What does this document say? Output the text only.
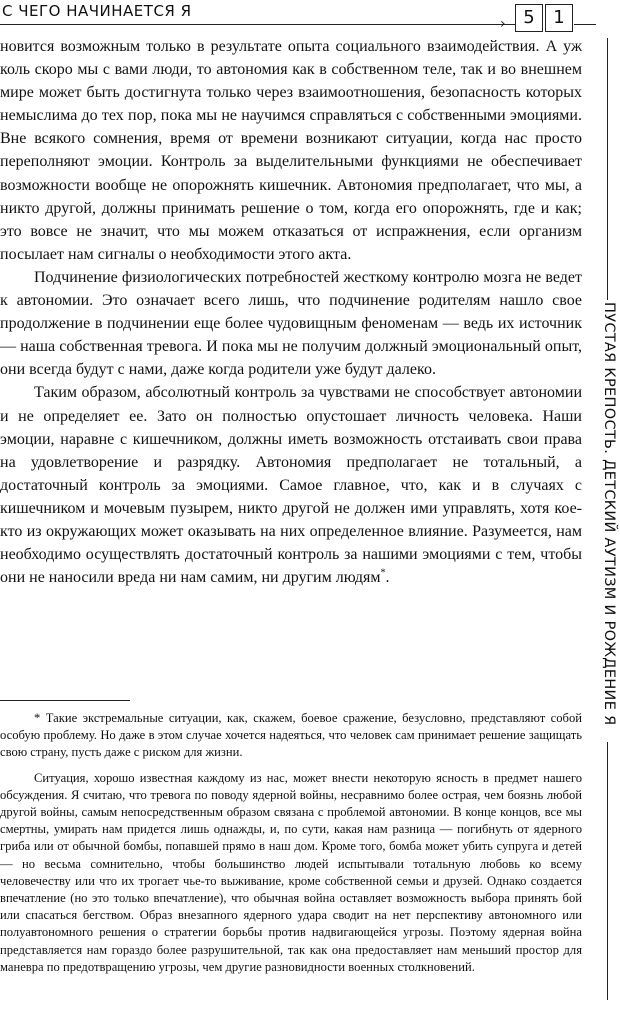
С ЧЕГО НАЧИНАЕТСЯ Я
› 5	1
ПУСТАЯ КРЕПОСТЬ. ДЕТСКИЙ АУТИЗМ И РОЖДЕНИЕ Я

новится возможным только в результате опыта социального взаимодействия. А уж коль скоро мы с вами люди, то автономия как в собственном теле, так и во внешнем мире может быть достигнута только через взаимоотношения, безопасность которых немыслима до тех пор, пока мы не научимся справляться с собственными эмоциями. Вне всякого сомнения, время от времени возникают ситуации, когда нас просто переполняют эмоции. Контроль за выделительными функциями не обеспечивает возможности вообще не опорожнять кишечник. Автономия предполагает, что мы, а никто другой, должны принимать решение о том, когда его опорожнять, где и как; это вовсе не значит, что мы можем отказаться от испражнения, если организм посылает нам сигналы о необходимости этого акта.

Подчинение физиологических потребностей жесткому контролю мозга не ведет к автономии. Это означает всего лишь, что подчинение родителям нашло свое продолжение в подчинении еще более чудовищным феноменам — ведь их источник — наша собственная тревога. И пока мы не получим должный эмоциональный опыт, они всегда будут с нами, даже когда родители уже будут далеко.

Таким образом, абсолютный контроль за чувствами не способствует автономии и не определяет ее. Зато он полностью опустошает личность человека. Наши эмоции, наравне с кишечником, должны иметь возможность отстаивать свои права на удовлетворение и разрядку. Автономия предполагает не тотальный, а достаточный контроль за эмоциями. Самое главное, что, как и в случаях с кишечником и мочевым пузырем, никто другой не должен ими управлять, хотя кое-кто из окружающих может оказывать на них определенное влияние. Разумеется, нам необходимо осуществлять достаточный контроль за нашими эмоциями с тем, чтобы они не наносили вреда ни нам самим, ни другим людям*.

* Такие экстремальные ситуации, как, скажем, боевое сражение, безусловно, представляют собой особую проблему. Но даже в этом случае хочется надеяться, что человек сам принимает решение защищать свою страну, пусть даже с риском для жизни.

Ситуация, хорошо известная каждому из нас, может внести некоторую ясность в предмет нашего обсуждения. Я считаю, что тревога по поводу ядерной войны, несравнимо более острая, чем боязнь любой другой войны, самым непосредственным образом связана с проблемой автономии. В конце концов, все мы смертны, умирать нам придется лишь однажды, и, по сути, какая нам разница — погибнуть от ядерного гриба или от обычной бомбы, попавшей прямо в наш дом. Кроме того, бомба может убить супруга и детей — но весьма сомнительно, чтобы большинство людей испытывали тотальную любовь ко всему человечеству или что их трогает чье-то выживание, кроме собственной семьи и друзей. Однако создается впечатление (но это только впечатление), что обычная война оставляет возможность выбора принять бой или спасаться бегством. Образ внезапного ядерного удара сводит на нет перспективу автономного или полуавтономного решения о стратегии борьбы против надвигающейся угрозы. Поэтому ядерная война представляется нам гораздо более разрушительной, так как она предоставляет нам меньший простор для маневра по предотвращению угрозы, чем другие разновидности военных столкновений.
